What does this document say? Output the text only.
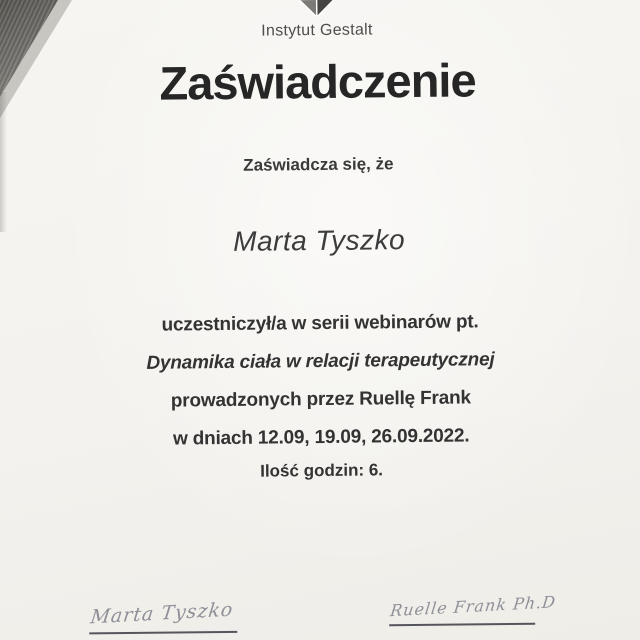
Instytut Gestalt
Zaświadczenie
Zaświadcza się, że
Marta Tyszko
uczestniczył/a w serii webinarów pt.
Dynamika ciała w relacji terapeutycznej
prowadzonych przez Ruellę Frank
w dniach 12.09, 19.09, 26.09.2022.
Ilość godzin: 6.
Marta Tyszko	Ruelle Frank Ph.D
